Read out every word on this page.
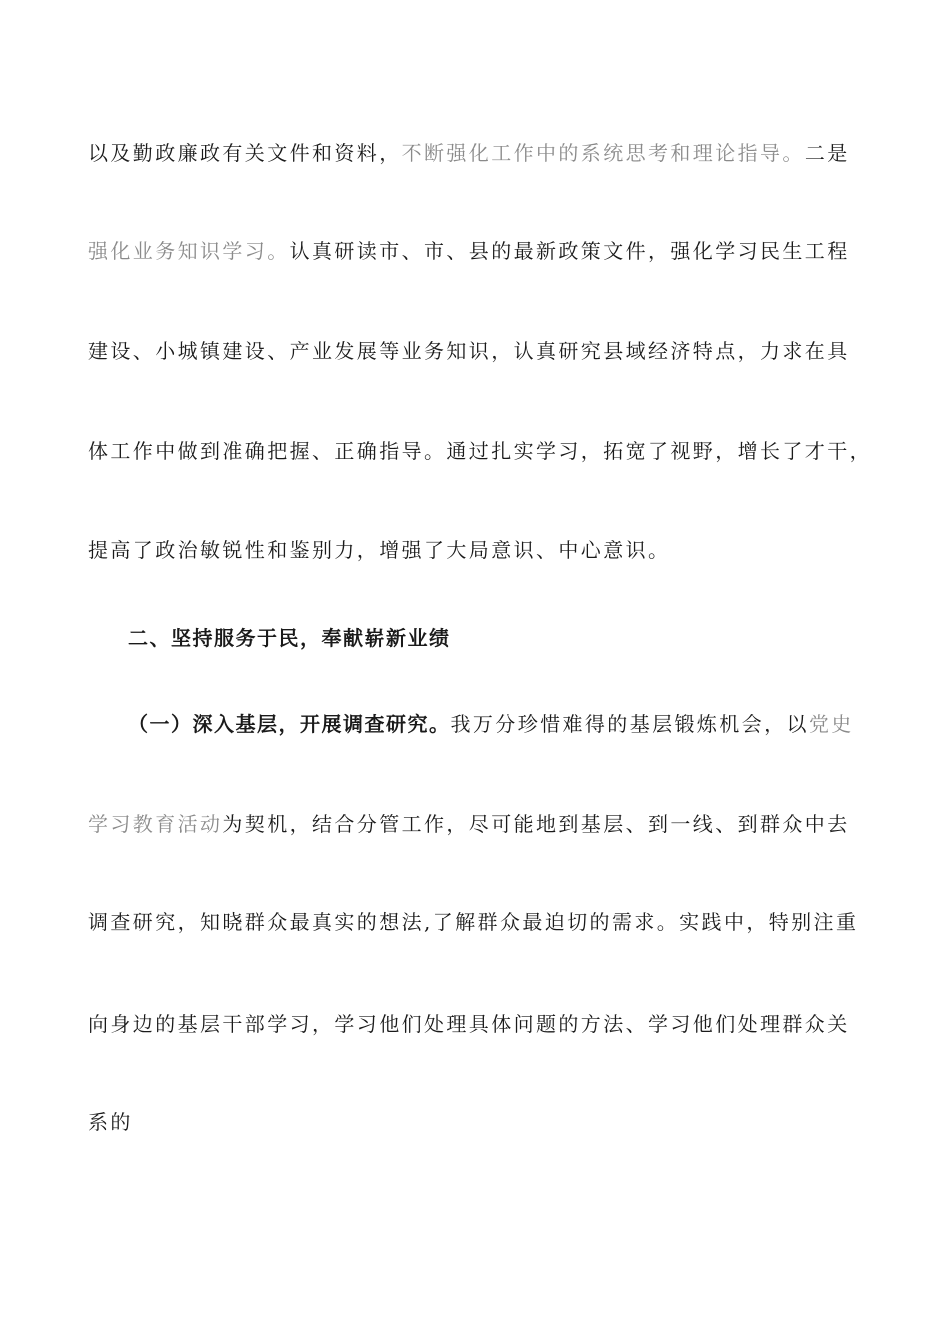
以及勤政廉政有关文件和资料，不断强化工作中的系统思考和理论指导。二是
强化业务知识学习。认真研读市、市、县的最新政策文件，强化学习民生工程
建设、小城镇建设、产业发展等业务知识，认真研究县域经济特点，力求在具
体工作中做到准确把握、正确指导。通过扎实学习，拓宽了视野，增长了才干，
提高了政治敏锐性和鉴别力，增强了大局意识、中心意识。
二、坚持服务于民，奉献崭新业绩
（一）深入基层，开展调查研究。我万分珍惜难得的基层锻炼机会，以党史
学习教育活动为契机，结合分管工作，尽可能地到基层、到一线、到群众中去
调查研究，知晓群众最真实的想法,了解群众最迫切的需求。实践中，特别注重
向身边的基层干部学习，学习他们处理具体问题的方法、学习他们处理群众关
系的
